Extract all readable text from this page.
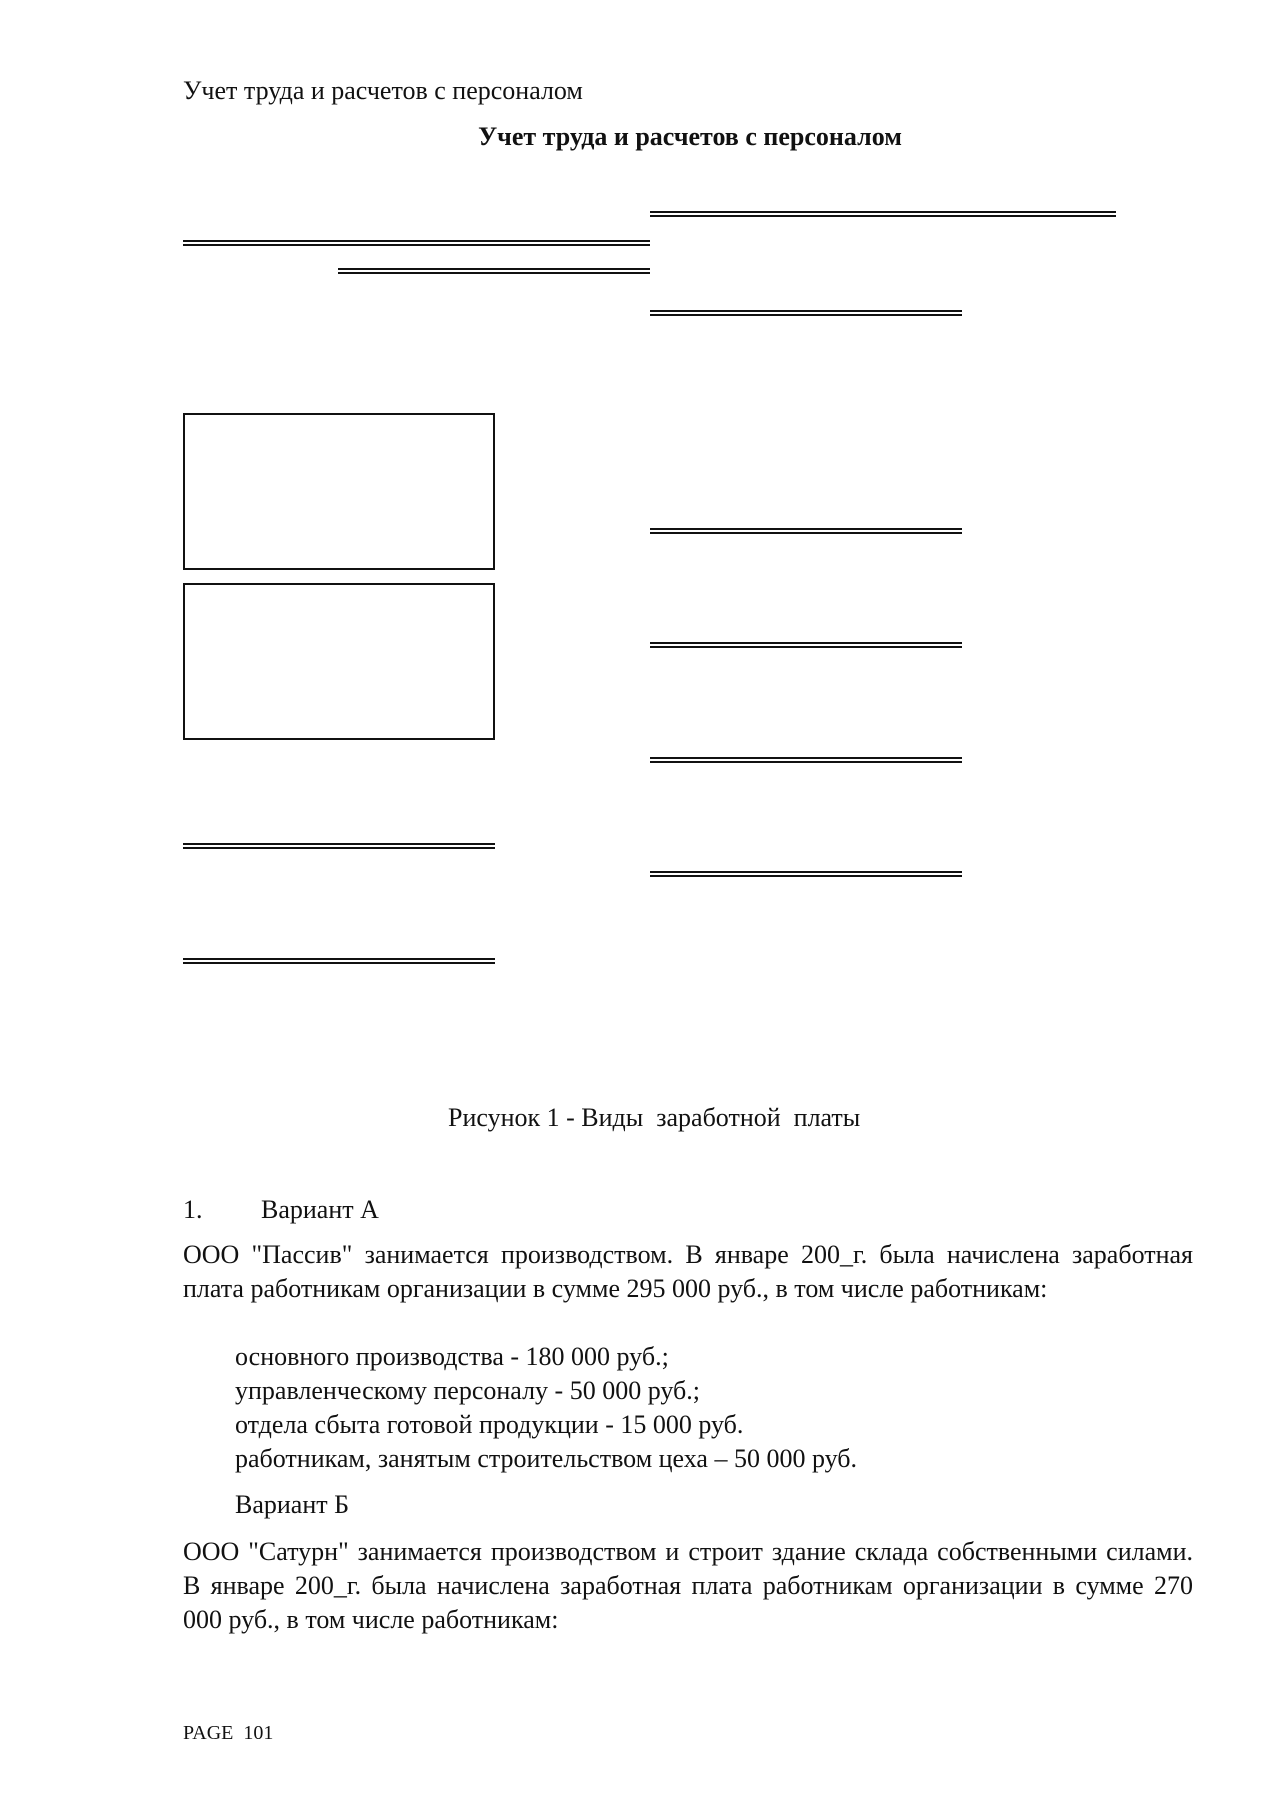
Учет труда и расчетов с персоналом
Учет труда и расчетов с персоналом
Рисунок 1 - Виды  заработной  платы
1. Вариант А
ООО "Пассив" занимается производством. В январе 200_г. была начислена заработная плата работникам организации в сумме 295 000 руб., в том числе работникам:
основного производства - 180 000 руб.;
управленческому персоналу - 50 000 руб.;
отдела сбыта готовой продукции - 15 000 руб.
работникам, занятым строительством цеха – 50 000 руб.
Вариант Б
ООО "Сатурн" занимается производством и строит здание склада собственными силами. В январе 200_г. была начислена заработная плата работникам организации в сумме 270 000 руб., в том числе работникам:
PAGE  101
